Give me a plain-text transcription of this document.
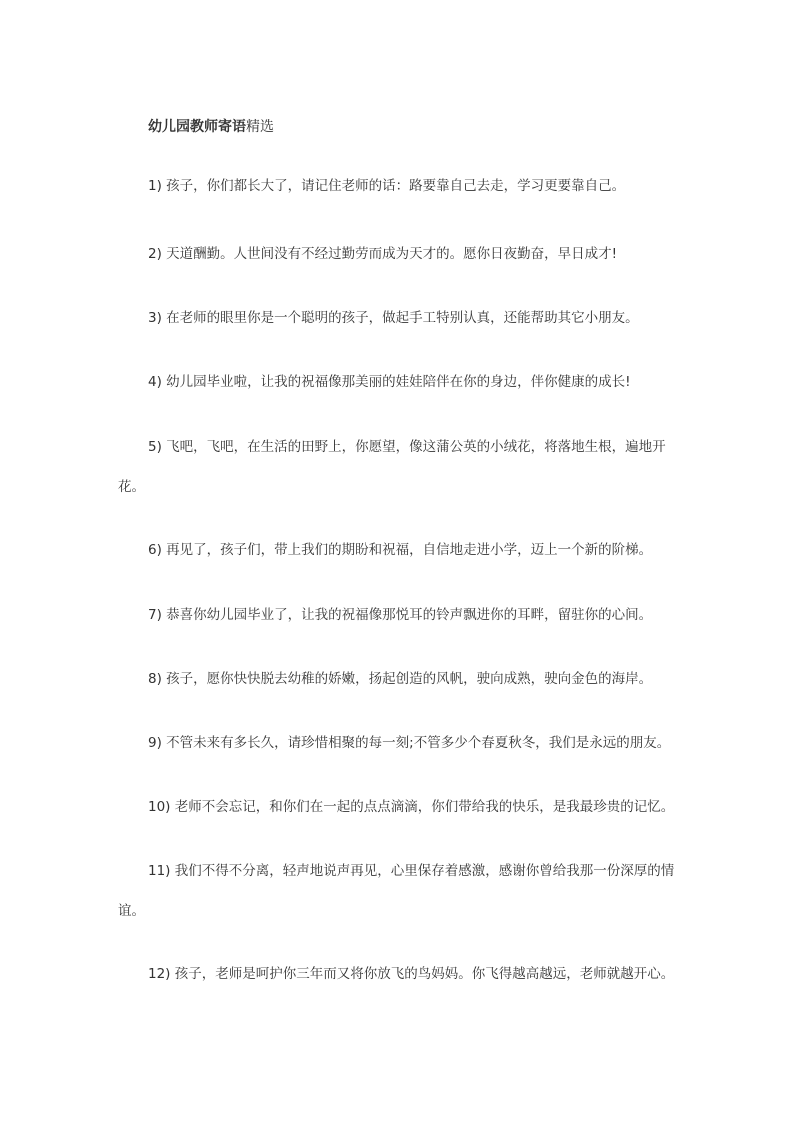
幼儿园教师寄语精选

1) 孩子，你们都长大了，请记住老师的话：路要靠自己去走，学习更要靠自己。

2) 天道酬勤。人世间没有不经过勤劳而成为天才的。愿你日夜勤奋，早日成才!

3) 在老师的眼里你是一个聪明的孩子，做起手工特别认真，还能帮助其它小朋友。

4) 幼儿园毕业啦，让我的祝福像那美丽的娃娃陪伴在你的身边，伴你健康的成长!

5) 飞吧，飞吧，在生活的田野上，你愿望，像这蒲公英的小绒花，将落地生根，遍地开花。

6) 再见了，孩子们，带上我们的期盼和祝福，自信地走进小学，迈上一个新的阶梯。

7) 恭喜你幼儿园毕业了，让我的祝福像那悦耳的铃声飘进你的耳畔，留驻你的心间。

8) 孩子，愿你快快脱去幼稚的娇嫩，扬起创造的风帆，驶向成熟，驶向金色的海岸。

9) 不管未来有多长久，请珍惜相聚的每一刻;不管多少个春夏秋冬，我们是永远的朋友。

10) 老师不会忘记，和你们在一起的点点滴滴，你们带给我的快乐，是我最珍贵的记忆。

11) 我们不得不分离，轻声地说声再见，心里保存着感激，感谢你曾给我那一份深厚的情谊。

12) 孩子，老师是呵护你三年而又将你放飞的鸟妈妈。你飞得越高越远，老师就越开心。
